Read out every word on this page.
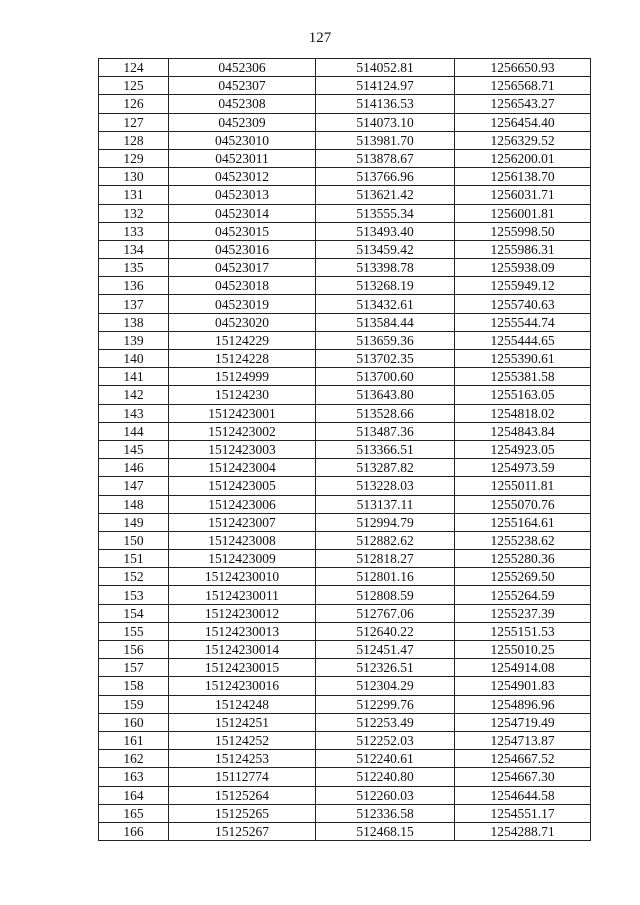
127
124	0452306	514052.81	1256650.93
125	0452307	514124.97	1256568.71
126	0452308	514136.53	1256543.27
127	0452309	514073.10	1256454.40
128	04523010	513981.70	1256329.52
129	04523011	513878.67	1256200.01
130	04523012	513766.96	1256138.70
131	04523013	513621.42	1256031.71
132	04523014	513555.34	1256001.81
133	04523015	513493.40	1255998.50
134	04523016	513459.42	1255986.31
135	04523017	513398.78	1255938.09
136	04523018	513268.19	1255949.12
137	04523019	513432.61	1255740.63
138	04523020	513584.44	1255544.74
139	15124229	513659.36	1255444.65
140	15124228	513702.35	1255390.61
141	15124999	513700.60	1255381.58
142	15124230	513643.80	1255163.05
143	1512423001	513528.66	1254818.02
144	1512423002	513487.36	1254843.84
145	1512423003	513366.51	1254923.05
146	1512423004	513287.82	1254973.59
147	1512423005	513228.03	1255011.81
148	1512423006	513137.11	1255070.76
149	1512423007	512994.79	1255164.61
150	1512423008	512882.62	1255238.62
151	1512423009	512818.27	1255280.36
152	15124230010	512801.16	1255269.50
153	15124230011	512808.59	1255264.59
154	15124230012	512767.06	1255237.39
155	15124230013	512640.22	1255151.53
156	15124230014	512451.47	1255010.25
157	15124230015	512326.51	1254914.08
158	15124230016	512304.29	1254901.83
159	15124248	512299.76	1254896.96
160	15124251	512253.49	1254719.49
161	15124252	512252.03	1254713.87
162	15124253	512240.61	1254667.52
163	15112774	512240.80	1254667.30
164	15125264	512260.03	1254644.58
165	15125265	512336.58	1254551.17
166	15125267	512468.15	1254288.71
